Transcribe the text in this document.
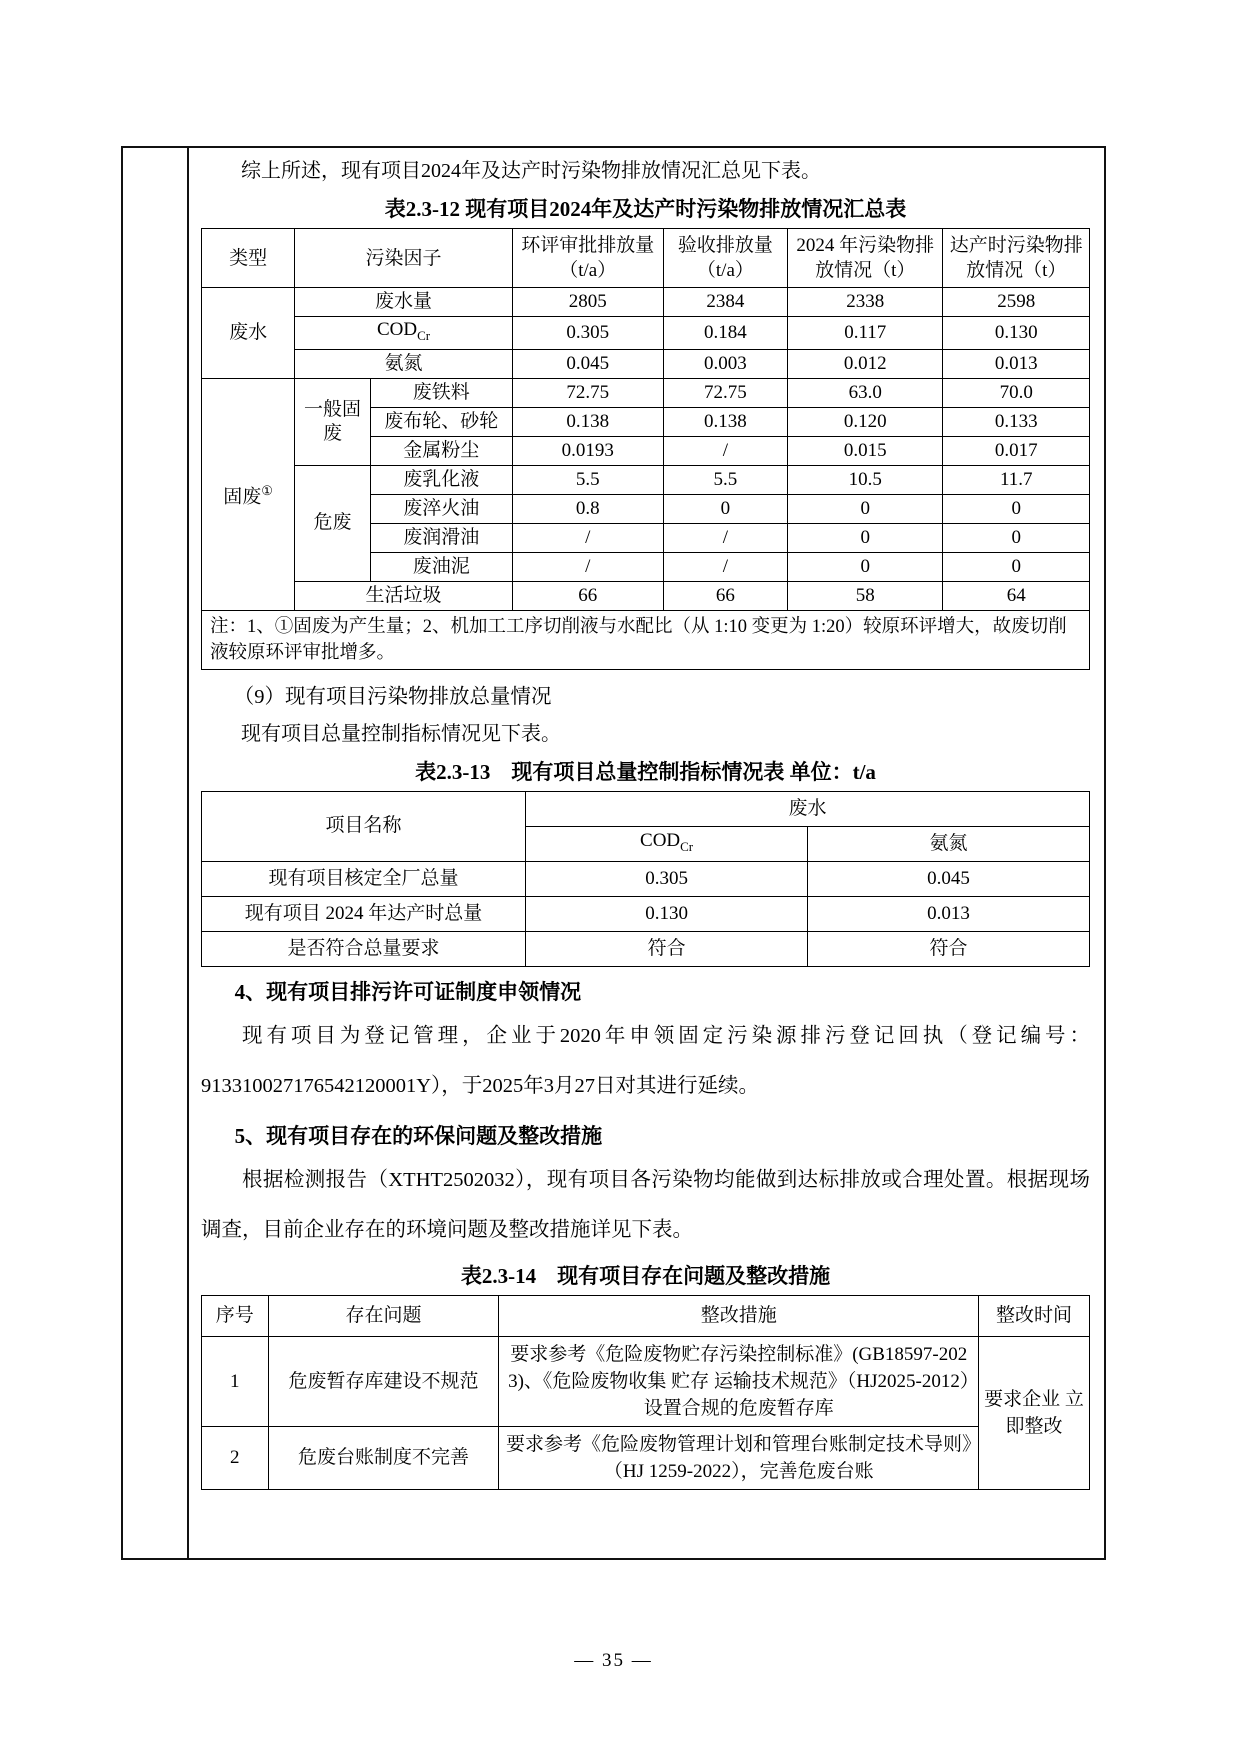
综上所述，现有项目2024年及达产时污染物排放情况汇总见下表。

表2.3-12 现有项目2024年及达产时污染物排放情况汇总表
类型	污染因子		环评审批排放量（t/a）	验收排放量（t/a）	2024 年污染物排放情况（t）	达产时污染物排放情况（t）
废水	废水量		2805	2384	2338	2598
	$COD_{Cr}$		0.305	0.184	0.117	0.130
	氨氮		0.045	0.003	0.012	0.013
固废①	一般固废	废铁料	72.75	72.75	63.0	70.0
		废布轮、砂轮	0.138	0.138	0.120	0.133
		金属粉尘	0.0193	/	0.015	0.017
	危废	废乳化液	5.5	5.5	10.5	11.7
		废淬火油	0.8	0	0	0
		废润滑油	/	/	0	0
		废油泥	/	/	0	0
	生活垃圾		66	66	58	64
注：1、①固废为产生量；2、机加工工序切削液与水配比（从 1:10 变更为 1:20）较原环评增大，故废切削液较原环评审批增多。						
（9）现有项目污染物排放总量情况

现有项目总量控制指标情况见下表。

表2.3-13　现有项目总量控制指标情况表 单位：t/a
项目名称	废水	
	$COD_{Cr}$	氨氮
现有项目核定全厂总量	0.305	0.045
现有项目 2024 年达产时总量	0.130	0.013
是否符合总量要求	符合	符合
4、现有项目排污许可证制度申领情况

现有项目为登记管理，企业于2020年申领固定污染源排污登记回执（登记编号：913310027176542120001Y），于2025年3月27日对其进行延续。

5、现有项目存在的环保问题及整改措施

根据检测报告（XTHT2502032），现有项目各污染物均能做到达标排放或合理处置。根据现场调查，目前企业存在的环境问题及整改措施详见下表。

表2.3-14　现有项目存在问题及整改措施
序号	存在问题	整改措施	整改时间
1	危废暂存库建设不规范	要求参考《危险废物贮存污染控制标准》(GB18597-2023)、《危险废物收集 贮存 运输技术规范》（HJ2025-2012）设置合规的危废暂存库	要求企业 立即整改
2	危废台账制度不完善	要求参考《危险废物管理计划和管理台账制定技术导则》（HJ 1259-2022），完善危废台账	
— 35 —
